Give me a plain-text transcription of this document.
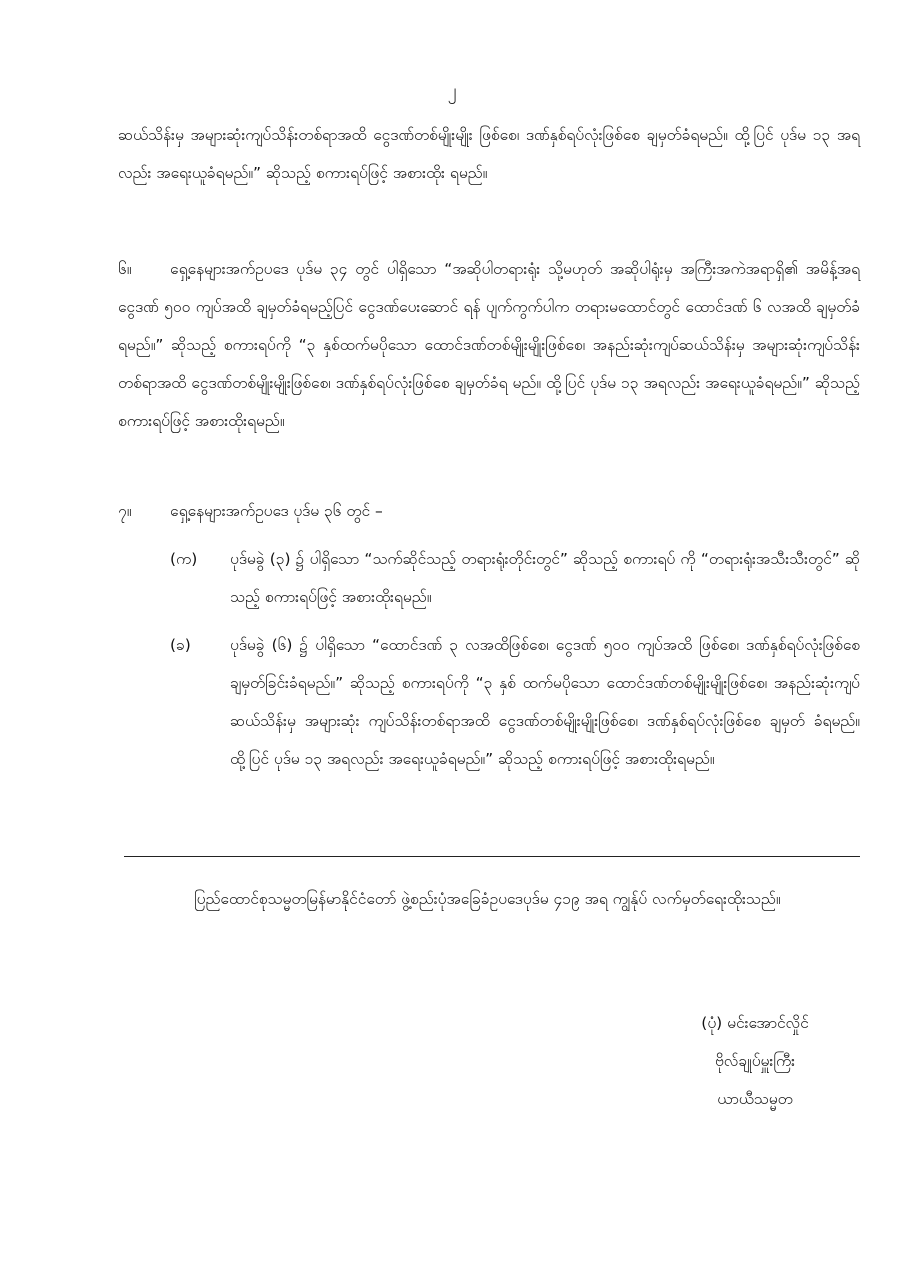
၂

ဆယ်သိန်းမှ အများဆုံးကျပ်သိန်းတစ်ရာအထိ ငွေဒဏ်တစ်မျိုးမျိုး ဖြစ်စေ၊ ဒဏ်နှစ်ရပ်လုံးဖြစ်စေ ချမှတ်ခံရမည်။ ထို့ပြင် ပုဒ်မ ၁၃ အရလည်း အရေးယူခံရမည်။” ဆိုသည့် စကားရပ်ဖြင့် အစားထိုး ရမည်။

၆။ ရှေ့နေများအက်ဥပဒေ ပုဒ်မ ၃၄ တွင် ပါရှိသော “အဆိုပါတရားရုံး သို့မဟုတ် အဆိုပါရုံးမှ အကြီးအကဲအရာရှိ၏ အမိန့်အရ ငွေဒဏ် ၅၀၀ ကျပ်အထိ ချမှတ်ခံရမည့်ပြင် ငွေဒဏ်ပေးဆောင် ရန် ပျက်ကွက်ပါက တရားမထောင်တွင် ထောင်ဒဏ် ၆ လအထိ ချမှတ်ခံရမည်။” ဆိုသည့် စကားရပ်ကို “၃ နှစ်ထက်မပိုသော ထောင်ဒဏ်တစ်မျိုးမျိုးဖြစ်စေ၊ အနည်းဆုံးကျပ်ဆယ်သိန်းမှ အများဆုံးကျပ်သိန်းတစ်ရာအထိ ငွေဒဏ်တစ်မျိုးမျိုးဖြစ်စေ၊ ဒဏ်နှစ်ရပ်လုံးဖြစ်စေ ချမှတ်ခံရ မည်။ ထို့ပြင် ပုဒ်မ ၁၃ အရလည်း အရေးယူခံရမည်။” ဆိုသည့် စကားရပ်ဖြင့် အစားထိုးရမည်။

၇။ ရှေ့နေများအက်ဥပဒေ ပုဒ်မ ၃၆ တွင် –

(က)	ပုဒ်မခွဲ (၃) ၌ ပါရှိသော “သက်ဆိုင်သည့် တရားရုံးတိုင်းတွင်” ဆိုသည့် စကားရပ် ကို “တရားရုံးအသီးသီးတွင်” ဆိုသည့် စကားရပ်ဖြင့် အစားထိုးရမည်။
(ခ)	ပုဒ်မခွဲ (၆) ၌ ပါရှိသော “ထောင်ဒဏ် ၃ လအထိဖြစ်စေ၊ ငွေဒဏ် ၅၀၀ ကျပ်အထိ ဖြစ်စေ၊ ဒဏ်နှစ်ရပ်လုံးဖြစ်စေ ချမှတ်ခြင်းခံရမည်။” ဆိုသည့် စကားရပ်ကို “၃ နှစ် ထက်မပိုသော ထောင်ဒဏ်တစ်မျိုးမျိုးဖြစ်စေ၊ အနည်းဆုံးကျပ်ဆယ်သိန်းမှ အများဆုံး ကျပ်သိန်းတစ်ရာအထိ ငွေဒဏ်တစ်မျိုးမျိုးဖြစ်စေ၊ ဒဏ်နှစ်ရပ်လုံးဖြစ်စေ ချမှတ် ခံရမည်။ ထို့ပြင် ပုဒ်မ ၁၃ အရလည်း အရေးယူခံရမည်။” ဆိုသည့် စကားရပ်ဖြင့် အစားထိုးရမည်။

ပြည်ထောင်စုသမ္မတမြန်မာနိုင်ငံတော် ဖွဲ့စည်းပုံအခြေခံဥပဒေပုဒ်မ ၄၁၉ အရ ကျွန်ုပ် လက်မှတ်ရေးထိုးသည်။

(ပုံ) မင်းအောင်လှိုင်
ဗိုလ်ချုပ်မှူးကြီး
ယာယီသမ္မတ
